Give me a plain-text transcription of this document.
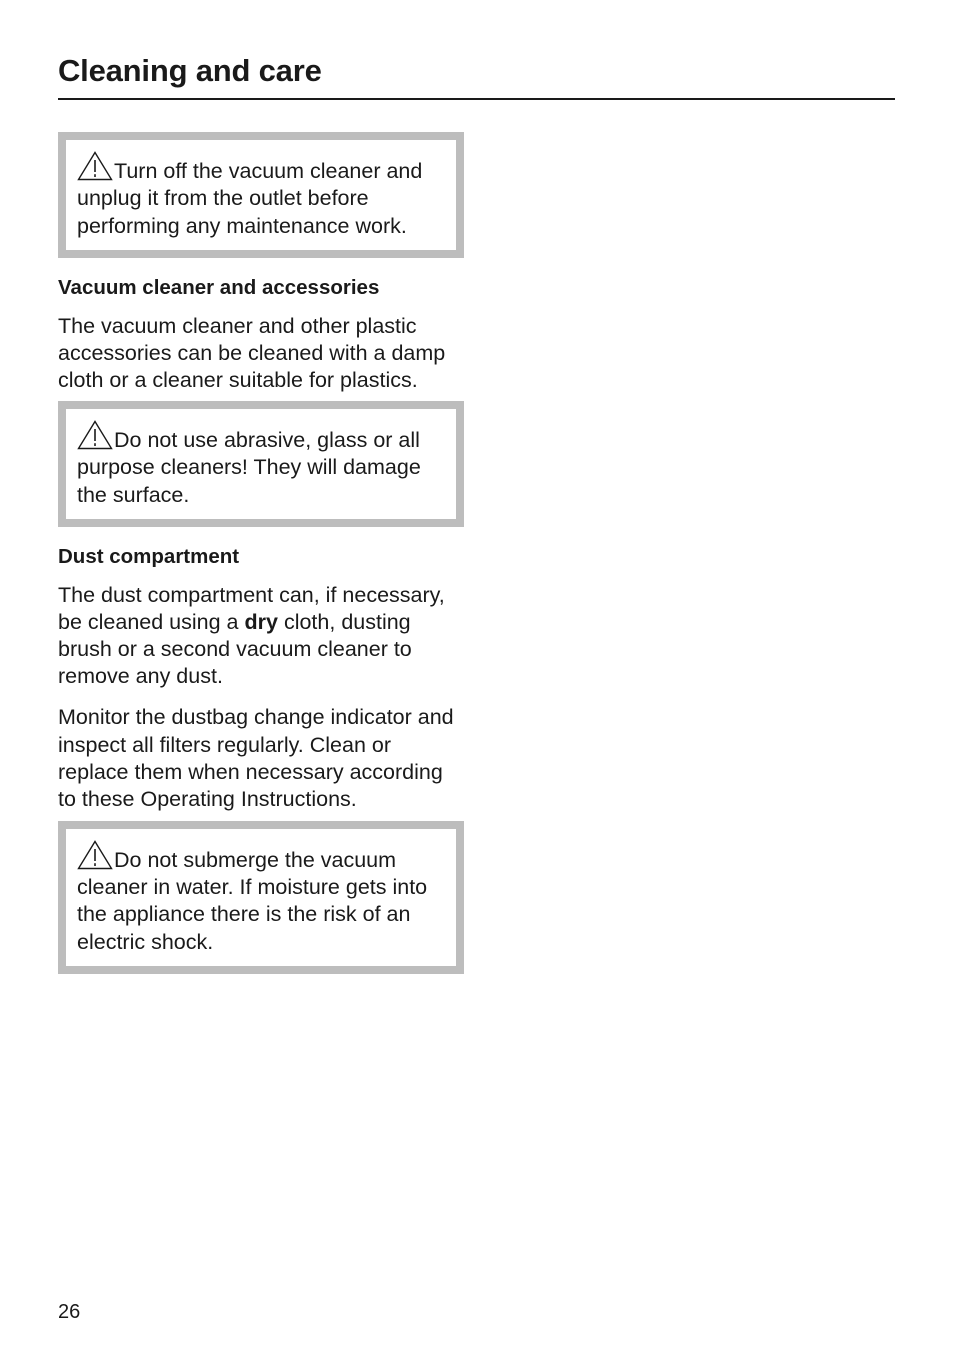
Cleaning and care
Turn off the vacuum cleaner and unplug it from the outlet before performing any maintenance work.
Vacuum cleaner and accessories

The vacuum cleaner and other plastic accessories can be cleaned with a damp cloth or a cleaner suitable for plastics.

Do not use abrasive, glass or all purpose cleaners! They will damage the surface.
Dust compartment

The dust compartment can, if necessary, be cleaned using a dry cloth, dusting brush or a second vacuum cleaner to remove any dust.

Monitor the dustbag change indicator and inspect all filters regularly. Clean or replace them when necessary according to these Operating Instructions.

Do not submerge the vacuum cleaner in water. If moisture gets into the appliance there is the risk of an electric shock.
26
